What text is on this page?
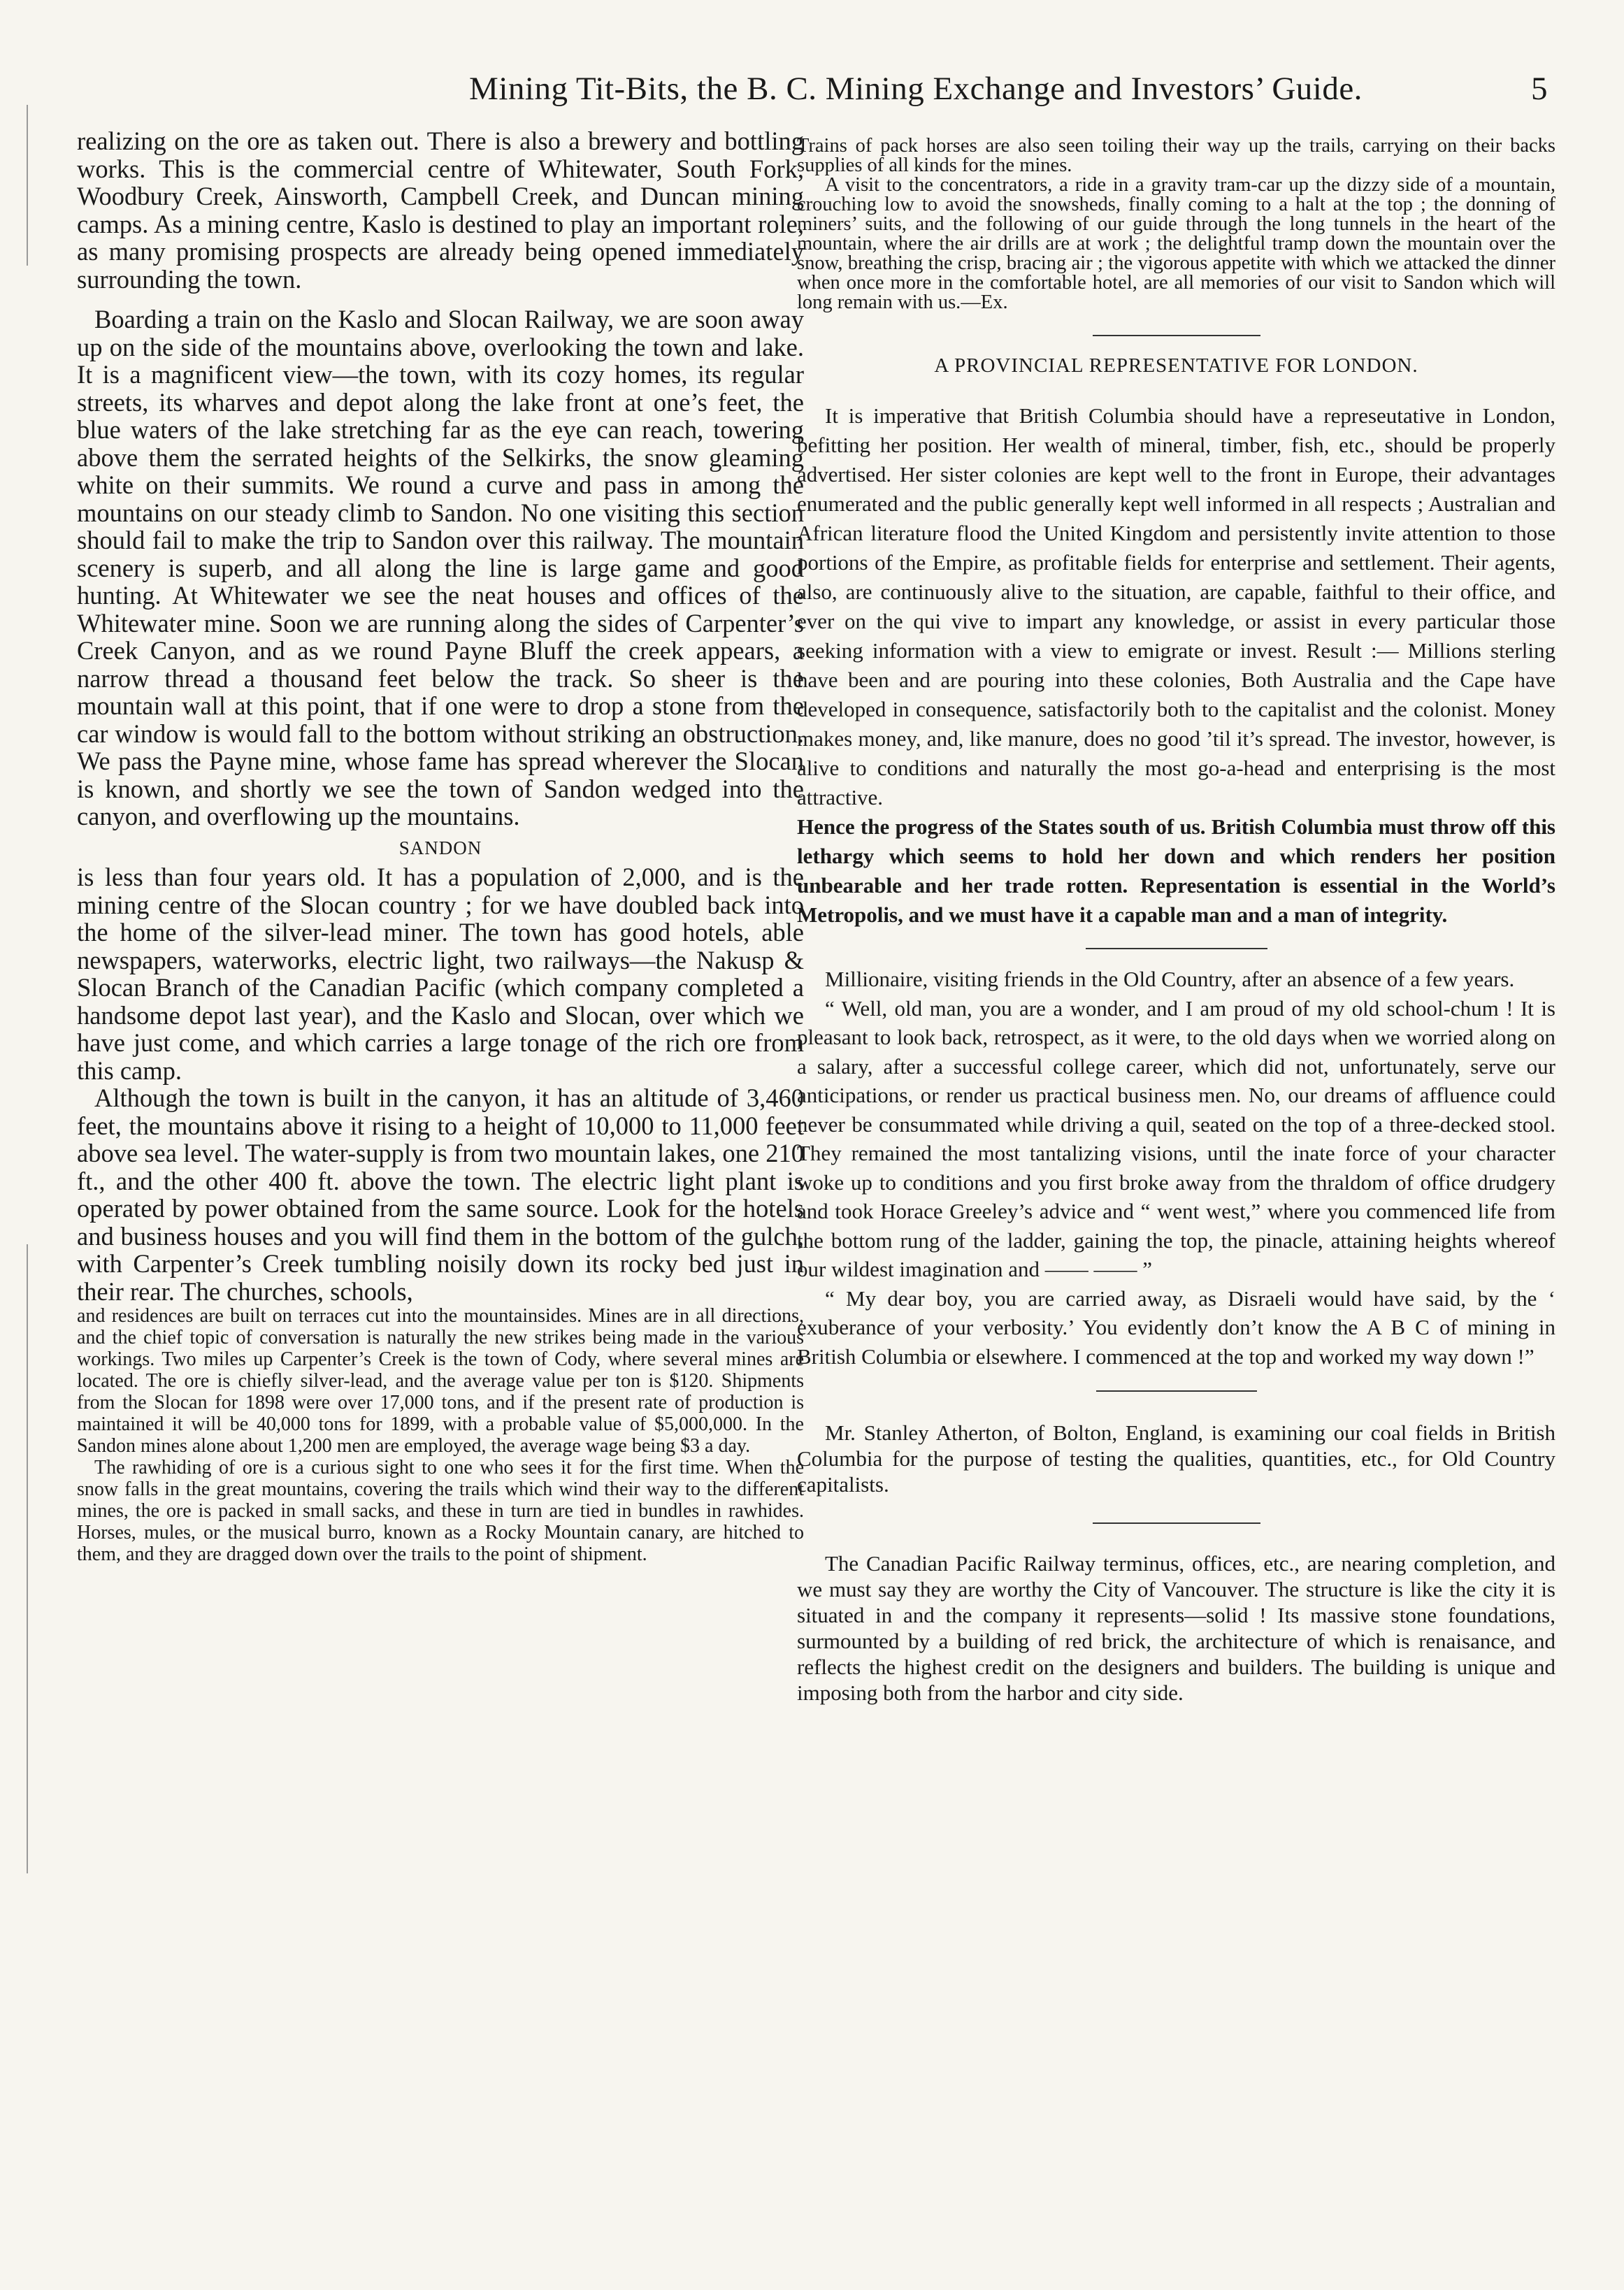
Mining Tit-Bits, the B. C. Mining Exchange and Investors’ Guide.	5

realizing on the ore as taken out. There is also a brewery and bottling works. This is the commercial centre of Whitewater, South Fork, Woodbury Creek, Ainsworth, Campbell Creek, and Duncan mining camps. As a mining centre, Kaslo is destined to play an important role, as many promising prospects are already being opened immediately surrounding the town.

Boarding a train on the Kaslo and Slocan Railway, we are soon away up on the side of the mountains above, overlooking the town and lake. It is a magnificent view—the town, with its cozy homes, its regular streets, its wharves and depot along the lake front at one’s feet, the blue waters of the lake stretching far as the eye can reach, towering above them the serrated heights of the Selkirks, the snow gleaming white on their summits. We round a curve and pass in among the mountains on our steady climb to Sandon. No one visiting this section should fail to make the trip to Sandon over this railway. The mountain scenery is superb, and all along the line is large game and good hunting. At Whitewater we see the neat houses and offices of the Whitewater mine. Soon we are running along the sides of Carpenter’s Creek Canyon, and as we round Payne Bluff the creek appears, a narrow thread a thousand feet below the track. So sheer is the mountain wall at this point, that if one were to drop a stone from the car window is would fall to the bottom without striking an obstruction. We pass the Payne mine, whose fame has spread wherever the Slocan is known, and shortly we see the town of Sandon wedged into the canyon, and overflowing up the mountains.

SANDON

is less than four years old. It has a population of 2,000, and is the mining centre of the Slocan country ; for we have doubled back into the home of the silver-lead miner. The town has good hotels, able newspapers, waterworks, electric light, two railways—the Nakusp & Slocan Branch of the Canadian Pacific (which company completed a handsome depot last year), and the Kaslo and Slocan, over which we have just come, and which carries a large tonage of the rich ore from this camp.

Although the town is built in the canyon, it has an altitude of 3,460 feet, the mountains above it rising to a height of 10,000 to 11,000 feet above sea level. The water-supply is from two mountain lakes, one 210 ft., and the other 400 ft. above the town. The electric light plant is operated by power obtained from the same source. Look for the hotels and business houses and you will find them in the bottom of the gulch, with Carpenter’s Creek tumbling noisily down its rocky bed just in their rear. The churches, schools,

and residences are built on terraces cut into the mountainsides. Mines are in all directions, and the chief topic of conversation is naturally the new strikes being made in the various workings. Two miles up Carpenter’s Creek is the town of Cody, where several mines are located. The ore is chiefly silver-lead, and the average value per ton is $120. Shipments from the Slocan for 1898 were over 17,000 tons, and if the present rate of production is maintained it will be 40,000 tons for 1899, with a probable value of $5,000,000. In the Sandon mines alone about 1,200 men are employed, the average wage being $3 a day.

The rawhiding of ore is a curious sight to one who sees it for the first time. When the snow falls in the great mountains, covering the trails which wind their way to the different mines, the ore is packed in small sacks, and these in turn are tied in bundles in rawhides. Horses, mules, or the musical burro, known as a Rocky Mountain canary, are hitched to them, and they are dragged down over the trails to the point of shipment.

Trains of pack horses are also seen toiling their way up the trails, carrying on their backs supplies of all kinds for the mines.

A visit to the concentrators, a ride in a gravity tram-car up the dizzy side of a mountain, crouching low to avoid the snowsheds, finally coming to a halt at the top ; the donning of miners’ suits, and the following of our guide through the long tunnels in the heart of the mountain, where the air drills are at work ; the delightful tramp down the mountain over the snow, breathing the crisp, bracing air ; the vigorous appetite with which we attacked the dinner when once more in the comfortable hotel, are all memories of our visit to Sandon which will long remain with us.—Ex.

A PROVINCIAL REPRESENTATIVE FOR LONDON.

It is imperative that British Columbia should have a represeutative in London, befitting her position. Her wealth of mineral, timber, fish, etc., should be properly advertised. Her sister colonies are kept well to the front in Europe, their advantages enumerated and the public generally kept well informed in all respects ; Australian and African literature flood the United Kingdom and persistently invite attention to those portions of the Empire, as profitable fields for enterprise and settlement. Their agents, also, are continuously alive to the situation, are capable, faithful to their office, and ever on the qui vive to impart any knowledge, or assist in every particular those seeking information with a view to emigrate or invest. Result :— Millions sterling have been and are pouring into these colonies, Both Australia and the Cape have developed in consequence, satisfactorily both to the capitalist and the colonist. Money makes money, and, like manure, does no good ’til it’s spread. The investor, however, is alive to conditions and naturally the most go-a-head and enterprising is the most attractive.

Hence the progress of the States south of us. British Columbia must throw off this lethargy which seems to hold her down and which renders her position unbearable and her trade rotten. Representation is essential in the World’s Metropolis, and we must have it a capable man and a man of integrity.

Millionaire, visiting friends in the Old Country, after an absence of a few years.

“ Well, old man, you are a wonder, and I am proud of my old school-chum ! It is pleasant to look back, retrospect, as it were, to the old days when we worried along on a salary, after a successful college career, which did not, unfortunately, serve our anticipations, or render us practical business men. No, our dreams of affluence could never be consummated while driving a quil, seated on the top of a three-decked stool. They remained the most tantalizing visions, until the inate force of your character woke up to conditions and you first broke away from the thraldom of office drudgery and took Horace Greeley’s advice and “ went west,” where you commenced life from the bottom rung of the ladder, gaining the top, the pinacle, attaining heights whereof our wildest imagination and —— —— ”

“ My dear boy, you are carried away, as Disraeli would have said, by the ‘ exuberance of your verbosity.’ You evidently don’t know the A B C of mining in British Columbia or elsewhere. I commenced at the top and worked my way down !”

Mr. Stanley Atherton, of Bolton, England, is examining our coal fields in British Columbia for the purpose of testing the qualities, quantities, etc., for Old Country capitalists.

The Canadian Pacific Railway terminus, offices, etc., are nearing completion, and we must say they are worthy the City of Vancouver. The structure is like the city it is situated in and the company it represents—solid ! Its massive stone foundations, surmounted by a building of red brick, the architecture of which is renaisance, and reflects the highest credit on the designers and builders. The building is unique and imposing both from the harbor and city side.
